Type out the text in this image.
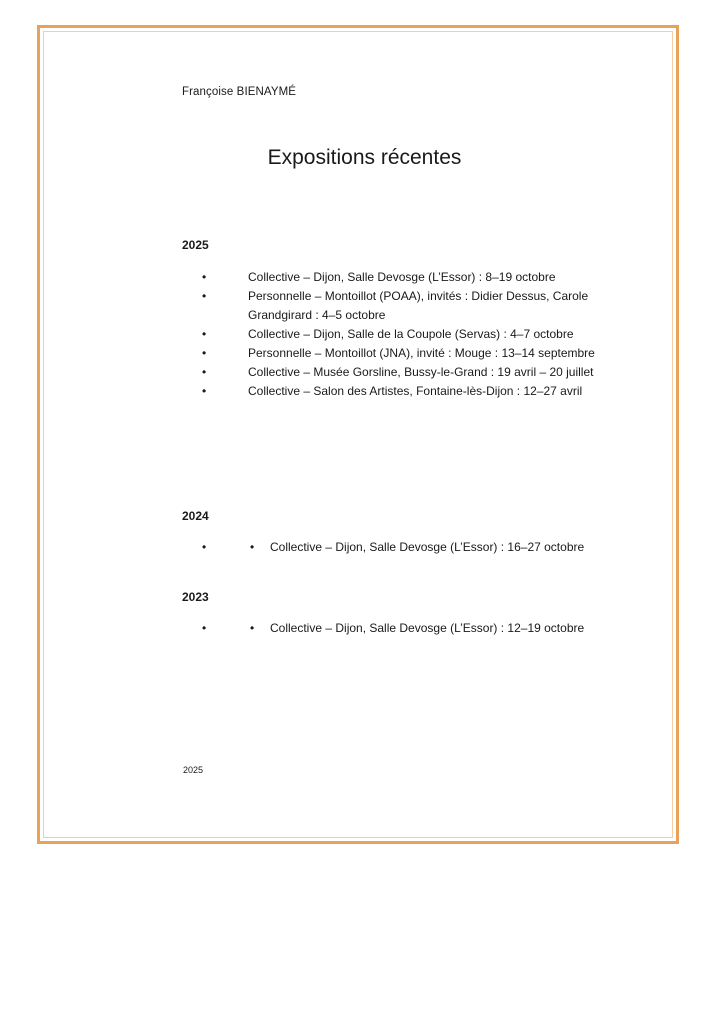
Françoise BIENAYMÉ
Expositions récentes
2025
•	Collective – Dijon, Salle Devosge (L’Essor) : 8–19 octobre
•	Personnelle – Montoillot (POAA), invités : Didier Dessus, Carole Grandgirard : 4–5 octobre
•	Collective – Dijon, Salle de la Coupole (Servas) : 4–7 octobre
•	Personnelle – Montoillot (JNA), invité : Mouge : 13–14 septembre
•	Collective – Musée Gorsline, Bussy-le-Grand : 19 avril – 20 juillet
•	Collective – Salon des Artistes, Fontaine-lès-Dijon : 12–27 avril
2024
•	• Collective – Dijon, Salle Devosge (L’Essor) : 16–27 octobre
2023
•	• Collective – Dijon, Salle Devosge (L’Essor) : 12–19 octobre
2025
